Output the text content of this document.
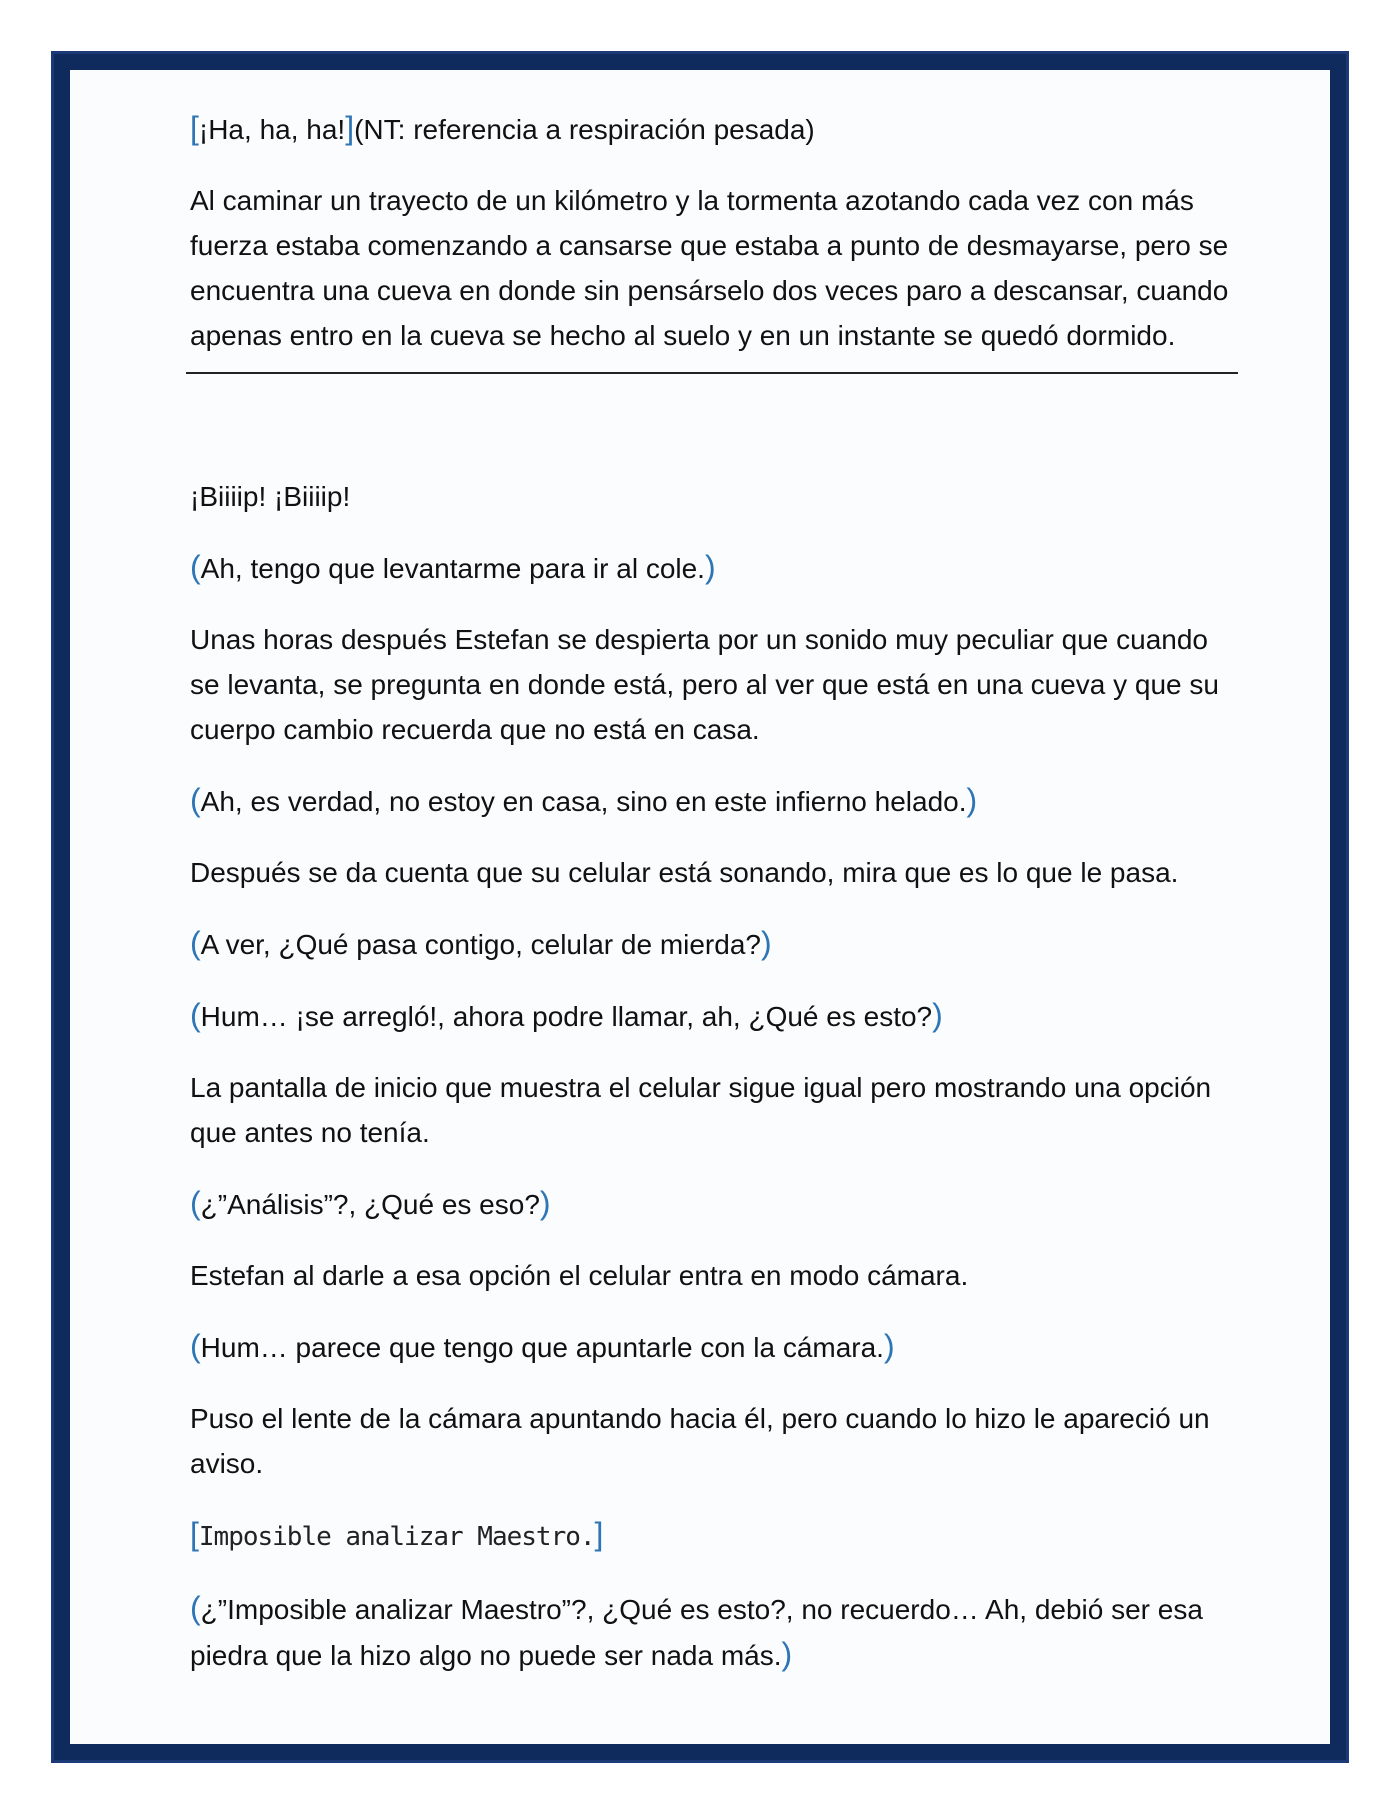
[¡Ha, ha, ha!](NT: referencia a respiración pesada)

Al caminar un trayecto de un kilómetro y la tormenta azotando cada vez con más fuerza estaba comenzando a cansarse que estaba a punto de desmayarse, pero se encuentra una cueva en donde sin pensárselo dos veces paro a descansar, cuando apenas entro en la cueva se hecho al suelo y en un instante se quedó dormido.

¡Biiiip! ¡Biiiip!

(Ah, tengo que levantarme para ir al cole.)

Unas horas después Estefan se despierta por un sonido muy peculiar que cuando se levanta, se pregunta en donde está, pero al ver que está en una cueva y que su cuerpo cambio recuerda que no está en casa.

(Ah, es verdad, no estoy en casa, sino en este infierno helado.)

Después se da cuenta que su celular está sonando, mira que es lo que le pasa.

(A ver, ¿Qué pasa contigo, celular de mierda?)

(Hum… ¡se arregló!, ahora podre llamar, ah, ¿Qué es esto?)

La pantalla de inicio que muestra el celular sigue igual pero mostrando una opción que antes no tenía.

(¿”Análisis”?, ¿Qué es eso?)

Estefan al darle a esa opción el celular entra en modo cámara.

(Hum… parece que tengo que apuntarle con la cámara.)

Puso el lente de la cámara apuntando hacia él, pero cuando lo hizo le apareció un aviso.

[Imposible analizar Maestro.]

(¿”Imposible analizar Maestro”?, ¿Qué es esto?, no recuerdo… Ah, debió ser esa piedra que la hizo algo no puede ser nada más.)
